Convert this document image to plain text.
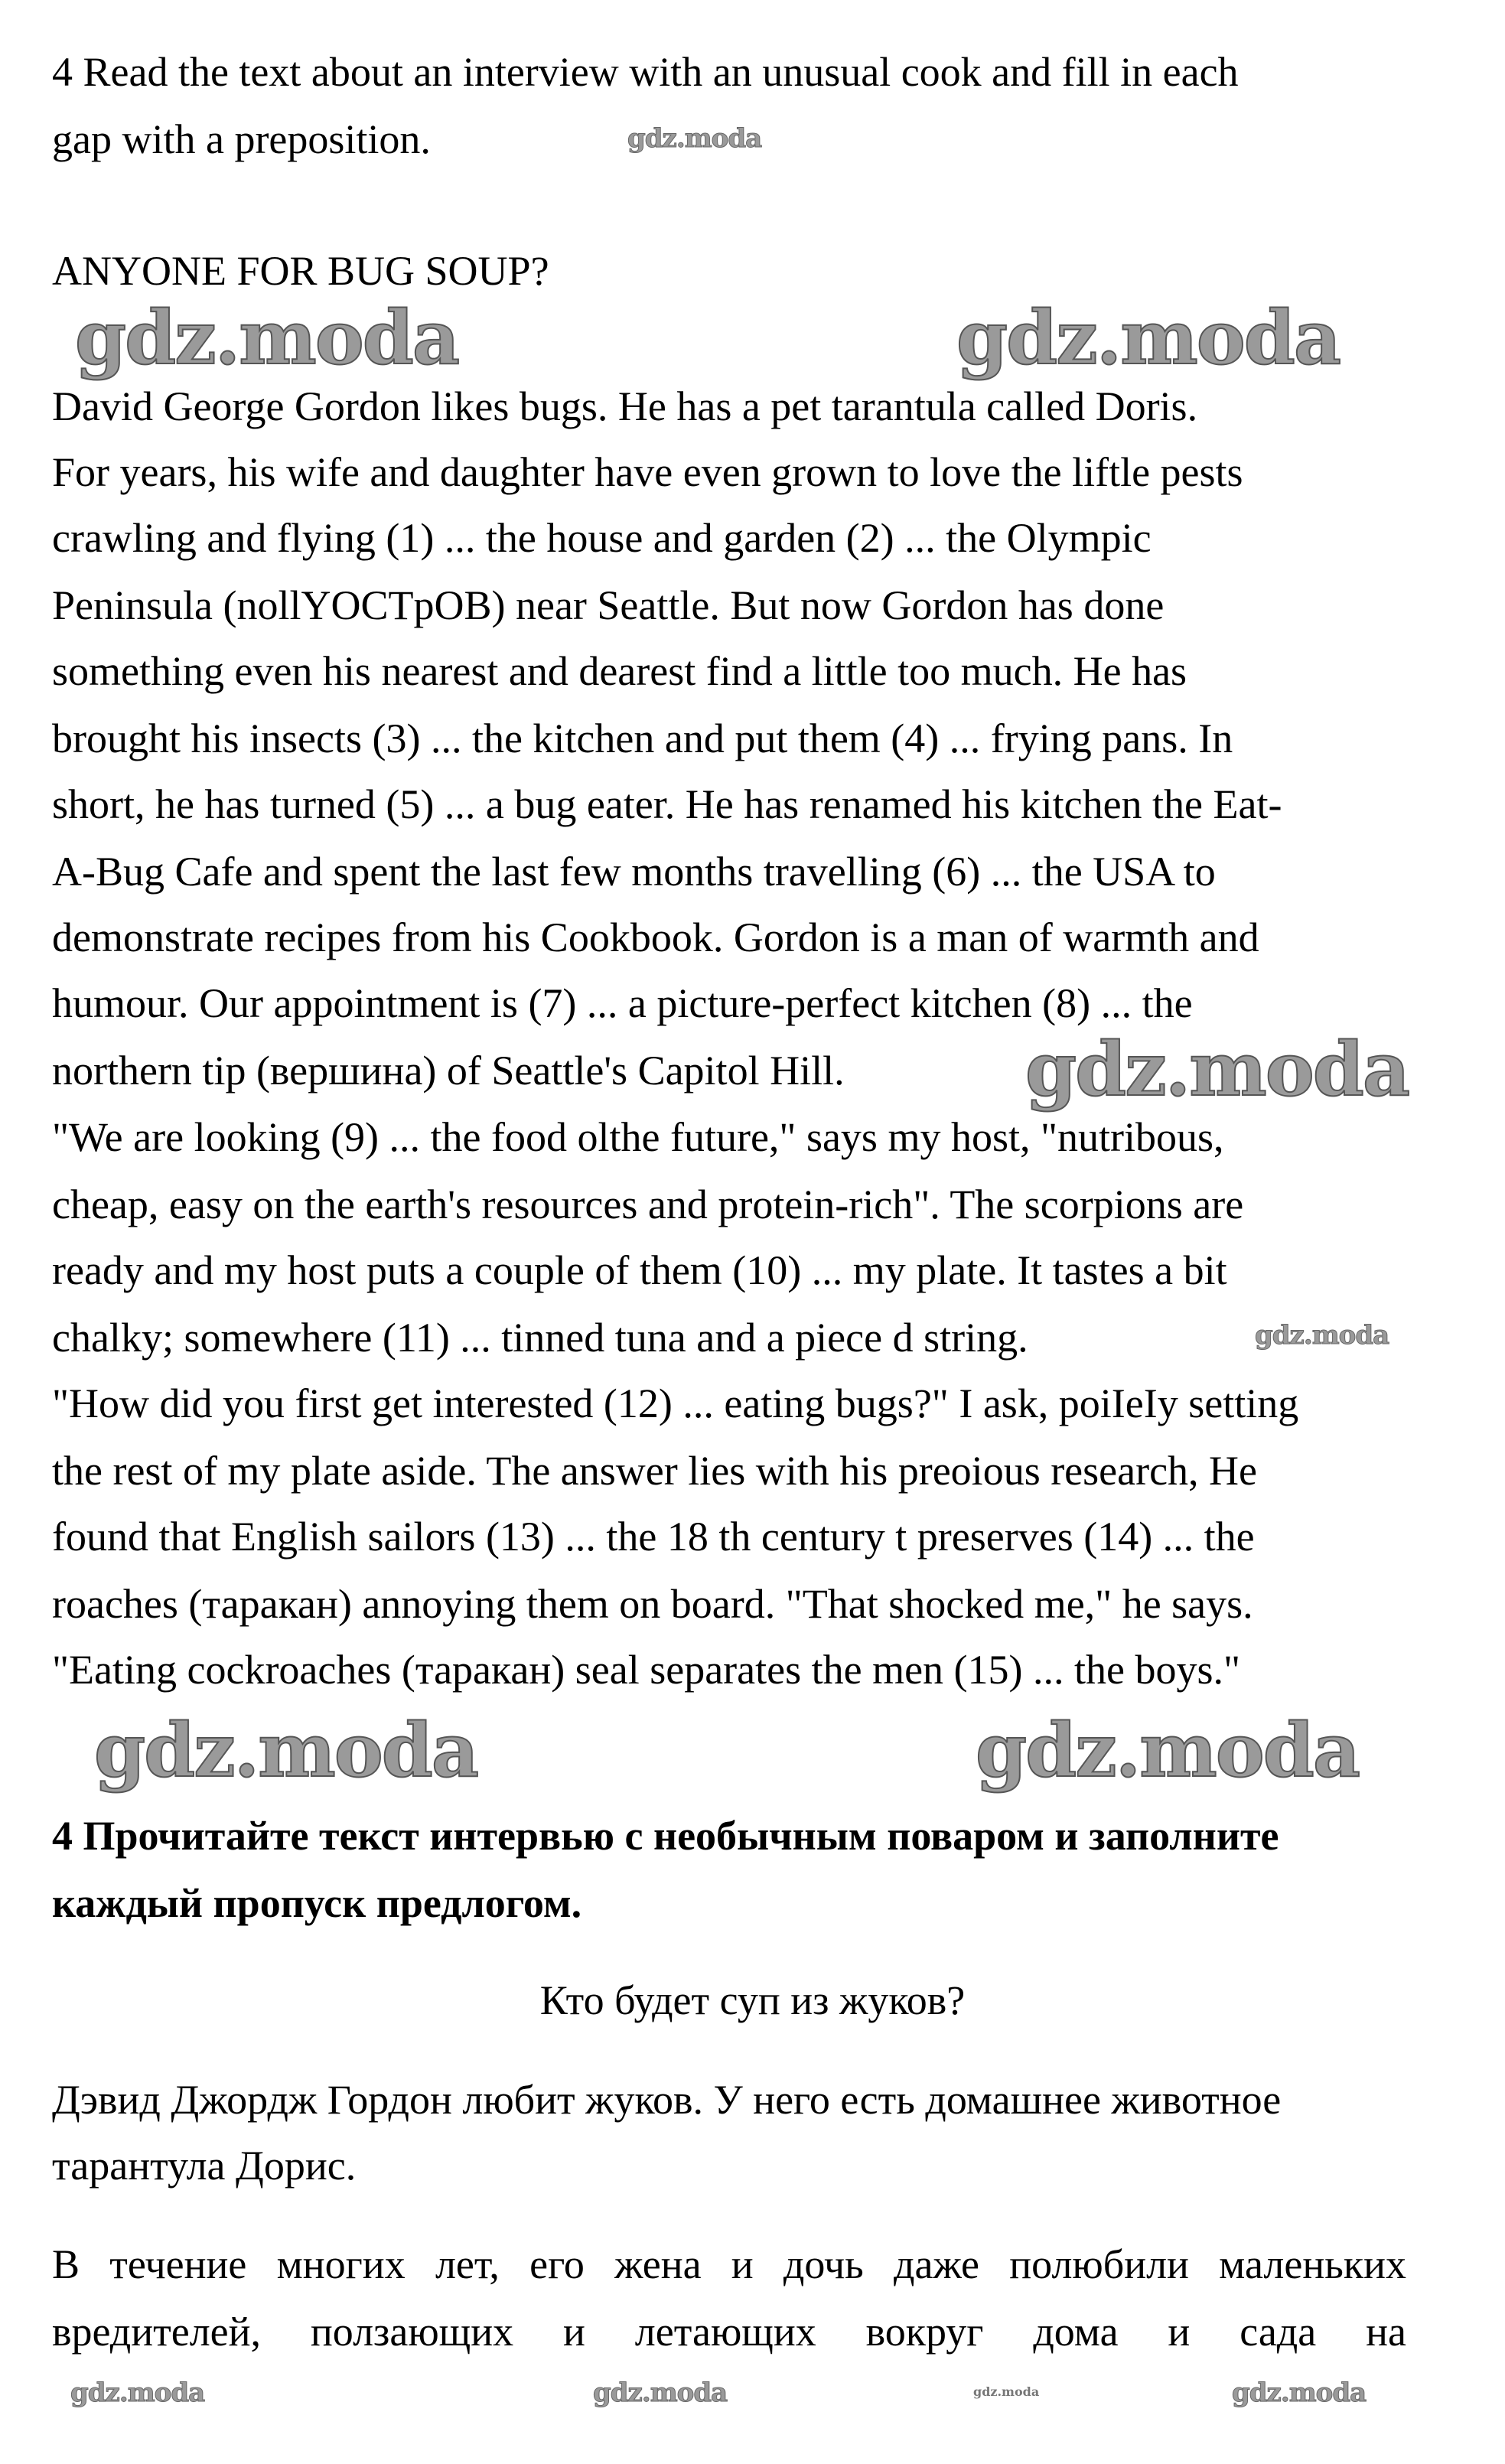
4 Read the text about an interview with an unusual cook and fill in each
gap with a preposition.
ANYONE FOR BUG SOUP?
David George Gordon likes bugs. He has a pet tarantula called Doris.
For years, his wife and daughter have even grown to love the liftle pests
crawling and flying (1) ... the house and garden (2) ... the Olympic
Peninsula (nollYOCTpOB) near Seattle. But now Gordon has done
something even his nearest and dearest find a little too much. He has
brought his insects (3) ... the kitchen and put them (4) ... frying pans. In
short, he has turned (5) ... a bug eater. He has renamed his kitchen the Eat-
A-Bug Cafe and spent the last few months travelling (6) ... the USA to
demonstrate recipes from his Cookbook. Gordon is a man of warmth and
humour. Our appointment is (7) ... a picture-perfect kitchen (8) ... the
northern tip (вершина) of Seattle's Capitol Hill.
"We are looking (9) ... the food olthe future," says my host, "nutribous,
cheap, easy on the earth's resources and protein-rich". The scorpions are
ready and my host puts a couple of them (10) ... my plate. It tastes a bit
chalky; somewhere (11) ... tinned tuna and a piece d string.
"How did you first get interested (12) ... eating bugs?" I ask, poiIeIy setting
the rest of my plate aside. The answer lies with his preoious research, He
found that English sailors (13) ... the 18 th century t preserves (14) ... the
roaches (таракан) annoying them on board. "That shocked me," he says.
"Eating cockroaches (таракан) seal separates the men (15) ... the boys."
4 Прочитайте текст интервью с необычным поваром и заполните
каждый пропуск предлогом.
Кто будет суп из жуков?
Дэвид Джордж Гордон любит жуков. У него есть домашнее животное
тарантула Дорис.
В течение многих лет, его жена и дочь даже полюбили маленьких
вредителей, ползающих и летающих вокруг дома и сада на
gdz.moda	gdz.moda
gdz.moda
gdz.moda	gdz.moda
gdz.moda
gdz.moda
gdz.moda	gdz.moda	gdz.moda
gdz.moda
